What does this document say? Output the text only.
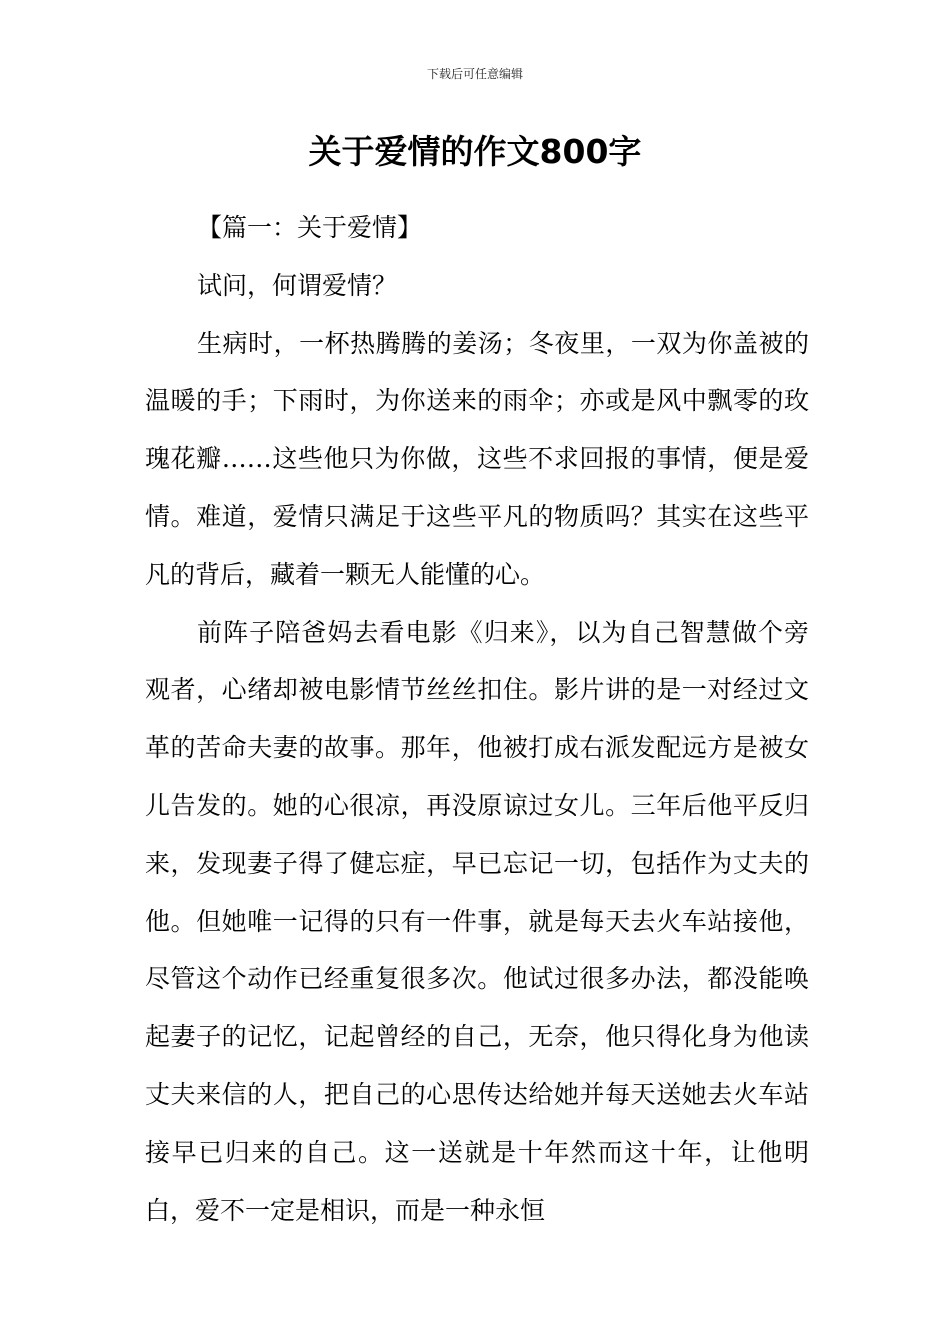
下载后可任意编辑
关于爱情的作文800字

【篇一：关于爱情】

试问，何谓爱情？

生病时，一杯热腾腾的姜汤；冬夜里，一双为你盖被的温暖的手；下雨时，为你送来的雨伞；亦或是风中飘零的玫瑰花瓣……这些他只为你做，这些不求回报的事情，便是爱情。难道，爱情只满足于这些平凡的物质吗？其实在这些平凡的背后，藏着一颗无人能懂的心。

前阵子陪爸妈去看电影《归来》，以为自己智慧做个旁观者，心绪却被电影情节丝丝扣住。影片讲的是一对经过文革的苦命夫妻的故事。那年，他被打成右派发配远方是被女儿告发的。她的心很凉，再没原谅过女儿。三年后他平反归来，发现妻子得了健忘症，早已忘记一切，包括作为丈夫的他。但她唯一记得的只有一件事，就是每天去火车站接他，尽管这个动作已经重复很多次。他试过很多办法，都没能唤起妻子的记忆，记起曾经的自己，无奈，他只得化身为他读丈夫来信的人，把自己的心思传达给她并每天送她去火车站接早已归来的自己。这一送就是十年然而这十年，让他明白，爱不一定是相识，而是一种永恒
